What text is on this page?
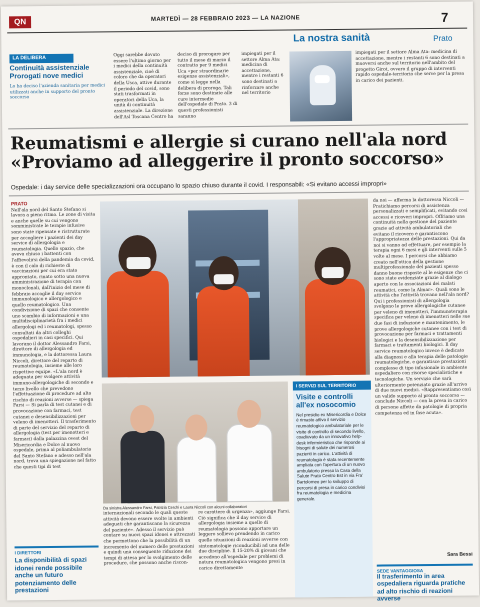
QN	MARTEDÌ — 28 FEBBRAIO 2023 — LA NAZIONE	7
La nostra sanità	Prato
LA DELIBERA
Continuità assistenziale Prorogati nove medici
Lo ha deciso l'azienda sanitaria per medici utilizzati anche in supporto del pronto soccorso
Oggi sarebbe dovuto essere l'ultimo giorno per i medici della continuità assistenziale, cioè di coloro che da operatori della Usca, attive durante il periodo del covid, sono stati trasformati in operatori della Uca, la unità di continuità assistenziale. La direzione dell'Asl Toscana Centro ha
deciso di prorogare per tutto il mese di marzo il contratto per 9 medici Uca «per straordinarie esigenze assistenziali», come si legge nella delibera di proroga. Tali forze sono destinate alle cure intermedie dell'ospedale di Prato. 3 di questi professionisti saranno
impiegati per il settore Alma Ata: medicina di accettazione, mentre i restanti 6 sono destinati a rinforzare anche nel territorio
impiegati per il settore Alma Ata: medicina di accettazione, mentre i restanti 6 sono destinati a muoversi anche sul territorio nell'ambito del progetto Girot, ovvero il gruppo di interventi rapido ospedale-territorio che serve per la presa in carico dei pazienti.
Reumatismi e allergie si curano nell'ala nord
«Proviamo ad alleggerire il pronto soccorso»
Ospedale: i day service delle specializzazioni ora occupano lo spazio chiuso durante il covid. I responsabili: «Si evitano accessi impropri»
PRATO
Nell'ala nord del Santo Stefano si lavora a pieno ritmo. Le zone di visita e anche quelle su cui vengono somministrate le terapie infusive sono state ripensate e ristrutturate per accogliere i pazienti dei day service di allergologia e reumatologia. Quello spazio, che aveva chiuso i battenti con l'affievolirsi della pandemia da covid, è con il calo di richieste di vaccinazioni per cui era stato approntato, rinato sotto una nuova amministrazione di terapia con monoclonali, dall'inizio del mese di febbraio accoglie il day service immunologico e allergologico e quello reumatologico. Una condivisione di spazi che consente uno scambio di informazioni e una multidisciplinarietà fra i medici allergologi ed i reumatologi, spesso consultati da altri colleghi ospedalieri in casi specifici. Qui lavorano il dottor Alessandro Farsi, direttore di allergologia ed immunologia, e la dottoressa Laura Niccoli, direttore del reparto di reumatologia, insieme alle loro rispettive equipe. «L'ala nord è adeguata per svolgere attività immuno-allergologiche di secondo e terzo livello che prevedono l'effettuazione di procedure ad alto rischio di reazioni avverse — spiega Farsi — Si parla di test cutanei e di provocazione con farmaci, test cutanei e desensibilizzazioni per veleno di imenotteri. Il trasferimento di parte del servizio del reparto di allergologia (test per imenotteri e farmaci) dalla palazzina ovest del Misericordia e Dolce al nuovo ospedale, prima al poliambulatorio del Santo Stefano e adesso nell'ala nord, trova una spiegazione nel fatto che questi tipi di test
I DIRETTORI
La disponibilità di spazi idonei rende possibile anche un futuro potenziamento delle prestazioni
da noi — afferma la dottoressa Niccoli — Pratichiamo percorsi di assistenza personalizzati e semplificati, evitando così accessi e ricoveri impropri. Offriamo una continuità nella gestione del paziente grazie ad attività ambulatoriali che evitano il ricovero e garantiscono l'appropriatezza delle prestazioni. Qui da noi si vanno ad effettuare, per esempio la terapia ogni 6 mesi e gli interventi sulle 5 volte al mese. I percorsi che abbiamo creato nell'ottica della gestione multiprofessionale del pazienti spesso danno buone risposte al le esigenze che ci sono state evidenziate grazie al dialogo aperto con le associazioni dei malati reumatici, come la Almar». Quali sono le attività che l'attività trovano nell'ala nord? Qui i professionisti di allergologia svolgono le prove allergologiche cutanee per veleno di imenotteri, l'immunoterapia specifica per veleno di imenotteri nelle sue due fasi di induzione e mantenimento, le prove allergologiche cutanee con i test di provocazione per farmaci e trattamenti biologici e la desensibilizzazione per farmaci e trattamenti biologici. Il day service reumatologico invece è dedicato alla diagnosi e alla terapia delle patologie reumatologiche, e garantisce prestazioni complesse di tipo infusionale in ambiente ospedaliero con risorse specialistiche e tecnologiche. Un servizio che sarà ulteriormente potenziato grazie all'arrivo di due nuovi medici. «Rappresentiamo così un valido supporto al pronto soccorso — conclude Niccoli — con la presa in carico di persone affette da patologie di propria competenza ed in fase acuta».
Sara Bessi
SEDE VANTAGGIOSA
Il trasferimento in area ospedaliera riguarda pratiche ad alto rischio di reazioni avverse
Da sinistra Alessandro Farsi, Patrizia Cerchi e Laura Niccoli con alcuni collaboratori
internazionali secondo le quali queste attività devono essere svolte in ambienti adeguati che garantiscano la sicurezza del paziente». Adesso il servizio può contare su nuovi spazi idonei e attrezzati che permettono che la possibilità di un incremento del numero delle prestazioni e quindi una conseguente riduzione dei tempi di attesa per lo svolgimento delle procedure, che possono anche riscon-
re carattere di urgenza», aggiunge Farsi. Ciò significa che il day service di allergologia insieme a quello di reumatologia possono apportare un leggero sollievo prendendo in carico quelle situazioni di reazioni avverse con sintomatologie riconducibili ad una delle due discipline. Il 15-20% di giovani che accedono all'ospedale per problemi di natura reumatologica vengono presi in carico direttamente
I SERVIZI SUL TERRITORIO
Visite e controlli all'ex nosocomio
Nel presidio ex Misericordia e Dolce è rimasto attivo il servizio reumatologico ambulatoriale per le visite di controllo di secondo livello, coadiuvato da un innovativo help-desk infermieristico che risponde ai bisogni di salute dei numerosi pazienti in carico. L'attività di reumatologia è stata recentemente ampliata con l'apertura di un nuovo ambulatorio presso la Casa della Salute Prato Centro Est in via Fra' Bartolomeo per lo sviluppo di percorsi di presa in carico condivisi fra reumatologia e medicina generale.
